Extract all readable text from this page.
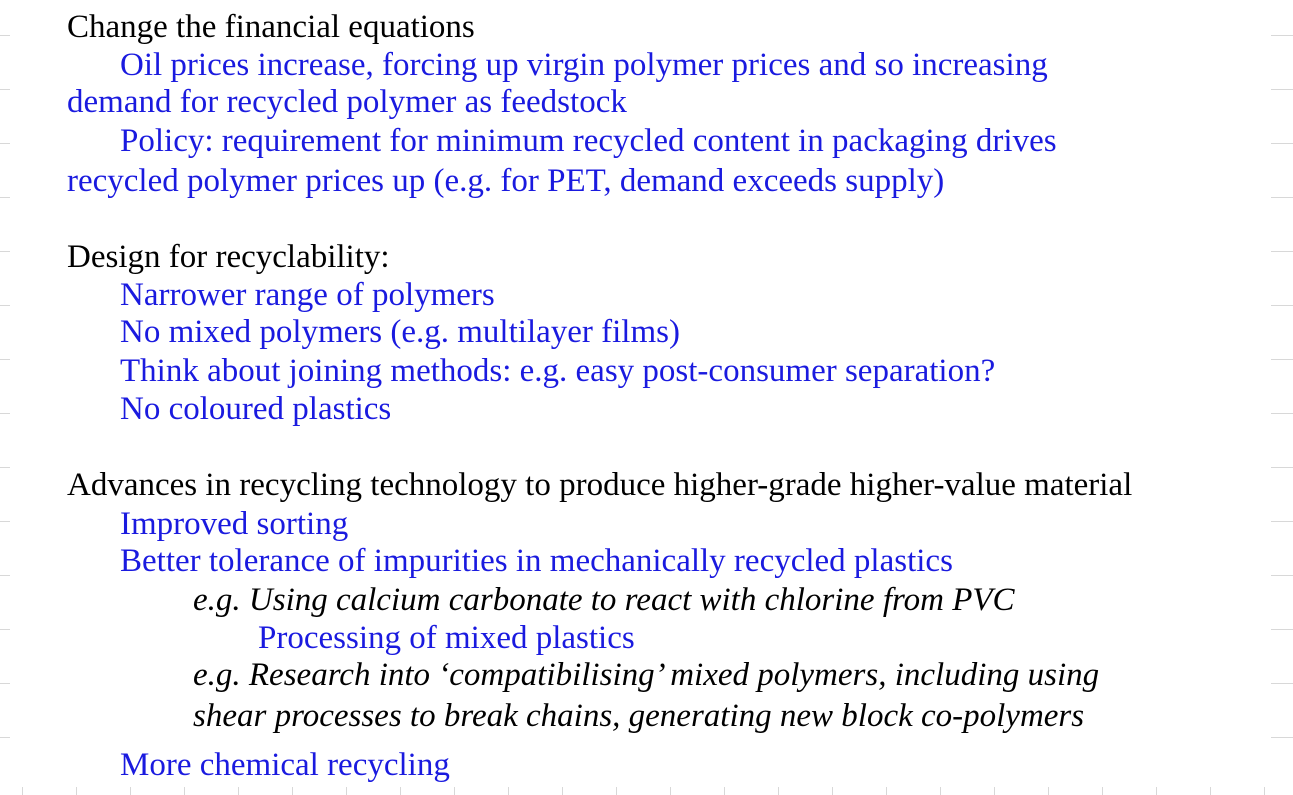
Change the financial equations
Oil prices increase, forcing up virgin polymer prices and so increasing
demand for recycled polymer as feedstock
Policy: requirement for minimum recycled content in packaging drives
recycled polymer prices up (e.g. for PET, demand exceeds supply)
Design for recyclability:
Narrower range of polymers
No mixed polymers (e.g. multilayer films)
Think about joining methods: e.g. easy post-consumer separation?
No coloured plastics
Advances in recycling technology to produce higher-grade higher-value material
Improved sorting
Better tolerance of impurities in mechanically recycled plastics
e.g. Using calcium carbonate to react with chlorine from PVC
Processing of mixed plastics
e.g. Research into ‘compatibilising’ mixed polymers, including using
shear processes to break chains, generating new block co-polymers
More chemical recycling
